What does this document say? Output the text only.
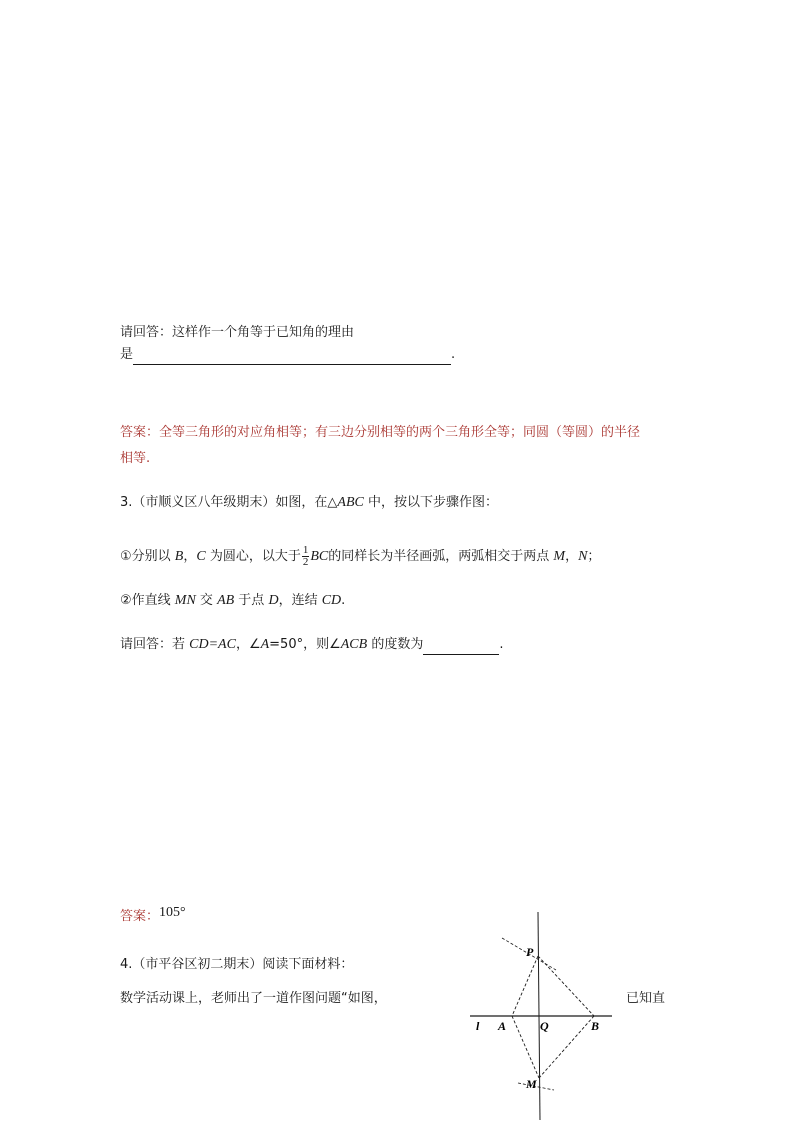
请回答：这样作一个角等于已知角的理由
是	.
答案：全等三角形的对应角相等；有三边分别相等的两个三角形全等；同圆（等圆）的半径
相等.
3.（市顺义区八年级期末）如图，在△ABC 中，按以下步骤作图：
①分别以 B，C 为圆心，以大于 $\frac{1}{2}$ BC的同样长为半径画弧，两弧相交于两点 M，N；
②作直线 MN 交 AB 于点 D，连结 CD.
请回答：若 CD=AC，∠A=50°，则∠ACB 的度数为	.
答案：105°
4.（市平谷区初二期末）阅读下面材料：
数学活动课上，老师出了一道作图问题“如图，	已知直
P
M
l A	Q	B
